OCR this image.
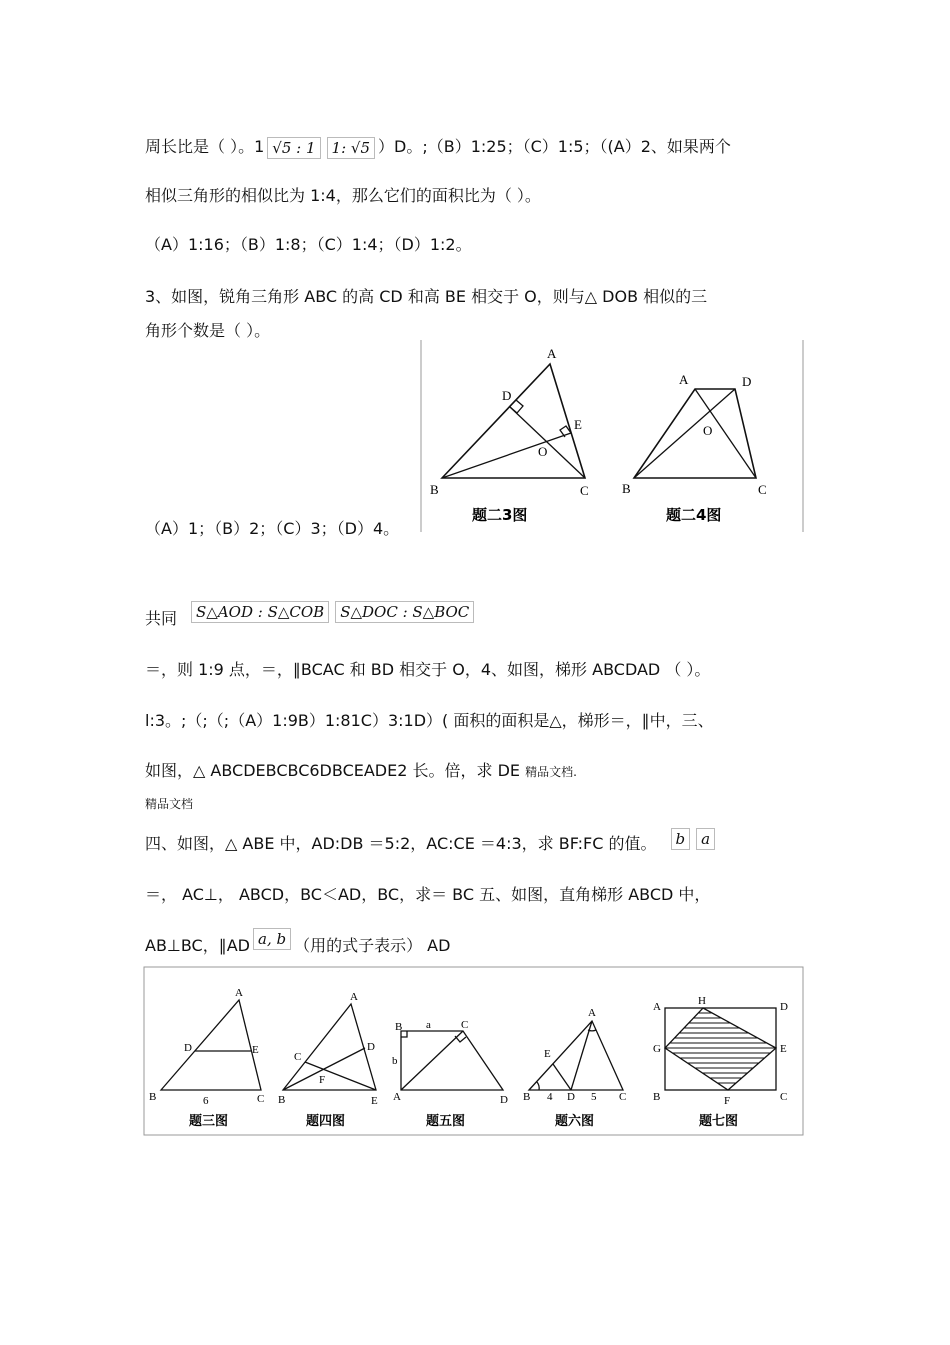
周长比是（ ）。1 √5 : 1 1: √5 ）D。;（B）1:25；（C）1:5；（(A）2、如果两个
相似三角形的相似比为 1:4，那么它们的面积比为（ ）。
（A）1:16；（B）1:8；（C）1:4；（D）1:2。
3、如图，锐角三角形 ABC 的高 CD 和高 BE 相交于 O，则与△ DOB 相似的三
角形个数是（ ）。
（A）1；（B）2；（C）3；（D）4。
共同 S△AOD : S△COB S△DOC : S△BOC
＝，则 1:9 点，＝，∥BCAC 和 BD 相交于 O，4、如图，梯形 ABCDAD （ ）。
l:3。;（;（;（A）1:9B）1:81C）3:1D）( 面积的面积是△，梯形＝，∥中，三、
如图，△ ABCDEBCBC6DBCEADE2 长。倍，求 DE 精品文档.
精品文档
四、如图，△ ABE 中，AD:DB ＝5:2，AC:CE ＝4:3，求 BF:FC 的值。 b a
＝， AC⊥， ABCD，BC＜AD，BC，求＝ BC 五、如图，直角梯形 ABCD 中，
AB⊥BC，∥AD a, b （用的式子表示） AD
A
B	C
D
E
O
题二3图
A	D
B	C
O
题二4图
A
B	C
D	E
6
题三图
A
B
C
D
E
F
题四图
B	C
A	D
a
b
题五图
A
B	C
D
E
4	5
题六图
A	H	D
G	E
B	F	C
题七图
